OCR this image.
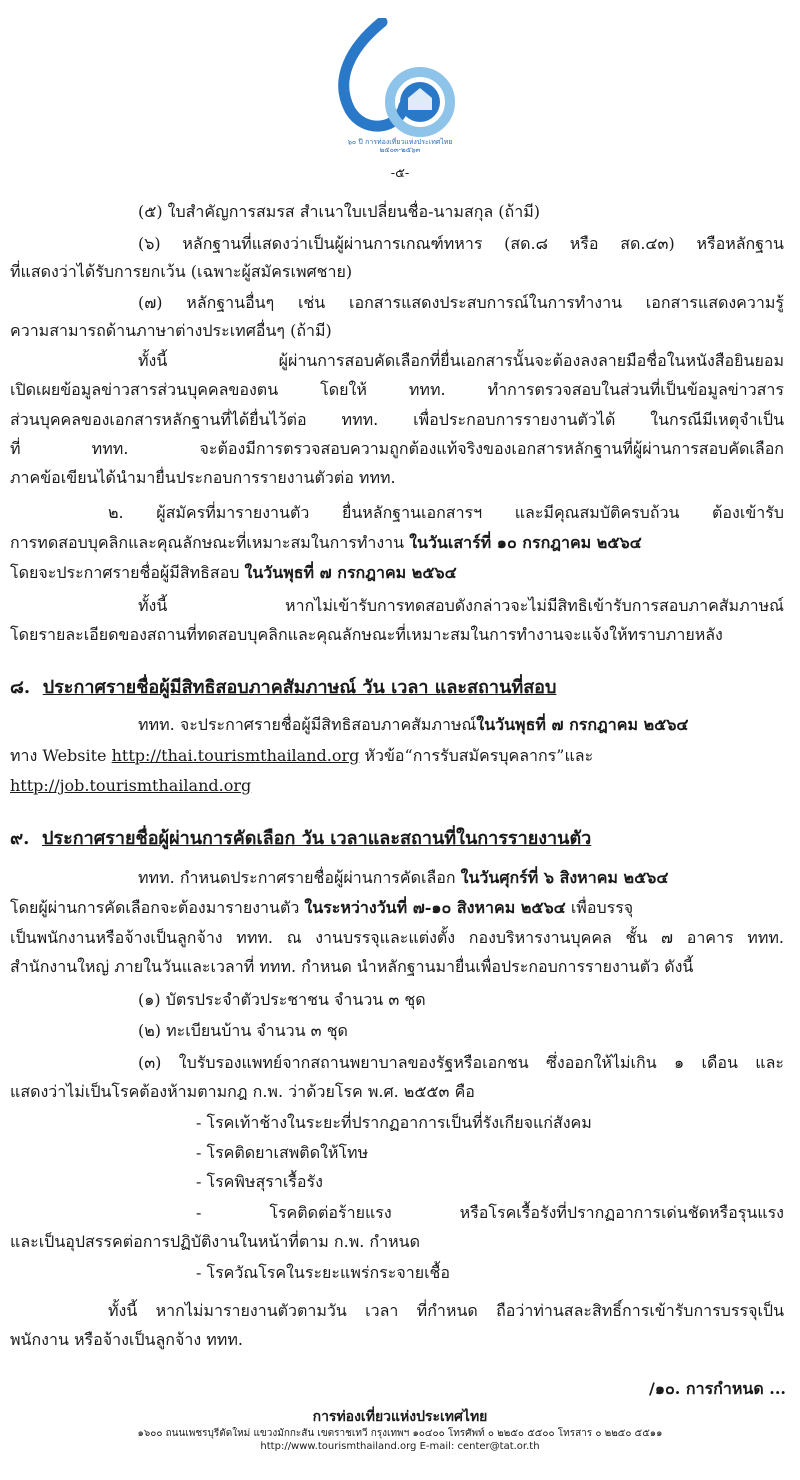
๖๐ ปี การท่องเที่ยวแห่งประเทศไทย
๒๕๐๓-๒๕๖๓
-๕-
(๕) ใบสำคัญการสมรส สำเนาใบเปลี่ยนชื่อ-นามสกุล (ถ้ามี)
(๖) หลักฐานที่แสดงว่าเป็นผู้ผ่านการเกณฑ์ทหาร (สด.๘ หรือ สด.๔๓) หรือหลักฐาน
ที่แสดงว่าได้รับการยกเว้น (เฉพาะผู้สมัครเพศชาย)
(๗) หลักฐานอื่นๆ เช่น เอกสารแสดงประสบการณ์ในการทำงาน เอกสารแสดงความรู้
ความสามารถด้านภาษาต่างประเทศอื่นๆ (ถ้ามี)
ทั้งนี้ ผู้ผ่านการสอบคัดเลือกที่ยื่นเอกสารนั้นจะต้องลงลายมือชื่อในหนังสือยินยอม
เปิดเผยข้อมูลข่าวสารส่วนบุคคลของตน โดยให้ ททท. ทำการตรวจสอบในส่วนที่เป็นข้อมูลข่าวสาร
ส่วนบุคคลของเอกสารหลักฐานที่ได้ยื่นไว้ต่อ ททท. เพื่อประกอบการรายงานตัวได้ ในกรณีมีเหตุจำเป็น
ที่ ททท. จะต้องมีการตรวจสอบความถูกต้องแท้จริงของเอกสารหลักฐานที่ผู้ผ่านการสอบคัดเลือก
ภาคข้อเขียนได้นำมายื่นประกอบการรายงานตัวต่อ ททท.
๒. ผู้สมัครที่มารายงานตัว ยื่นหลักฐานเอกสารฯ และมีคุณสมบัติครบถ้วน ต้องเข้ารับ
การทดสอบบุคลิกและคุณลักษณะที่เหมาะสมในการทำงาน ในวันเสาร์ที่ ๑๐ กรกฎาคม ๒๕๖๔
โดยจะประกาศรายชื่อผู้มีสิทธิสอบ ในวันพุธที่ ๗ กรกฎาคม ๒๕๖๔
ทั้งนี้ หากไม่เข้ารับการทดสอบดังกล่าวจะไม่มีสิทธิเข้ารับการสอบภาคสัมภาษณ์
โดยรายละเอียดของสถานที่ทดสอบบุคลิกและคุณลักษณะที่เหมาะสมในการทำงานจะแจ้งให้ทราบภายหลัง
๘. ประกาศรายชื่อผู้มีสิทธิสอบภาคสัมภาษณ์ วัน เวลา และสถานที่สอบ
ททท. จะประกาศรายชื่อผู้มีสิทธิสอบภาคสัมภาษณ์ในวันพุธที่ ๗ กรกฎาคม ๒๕๖๔
ทาง Website http://thai.tourismthailand.org หัวข้อ“การรับสมัครบุคลากร”และ
http://job.tourismthailand.org
๙. ประกาศรายชื่อผู้ผ่านการคัดเลือก วัน เวลาและสถานที่ในการรายงานตัว
ททท. กำหนดประกาศรายชื่อผู้ผ่านการคัดเลือก ในวันศุกร์ที่ ๖ สิงหาคม ๒๕๖๔
โดยผู้ผ่านการคัดเลือกจะต้องมารายงานตัว ในระหว่างวันที่ ๗-๑๐ สิงหาคม ๒๕๖๔ เพื่อบรรจุ
เป็นพนักงานหรือจ้างเป็นลูกจ้าง ททท. ณ งานบรรจุและแต่งตั้ง กองบริหารงานบุคคล ชั้น ๗ อาคาร ททท.
สำนักงานใหญ่ ภายในวันและเวลาที่ ททท. กำหนด นำหลักฐานมายื่นเพื่อประกอบการรายงานตัว ดังนี้
(๑) บัตรประจำตัวประชาชน จำนวน ๓ ชุด
(๒) ทะเบียนบ้าน จำนวน ๓ ชุด
(๓) ใบรับรองแพทย์จากสถานพยาบาลของรัฐหรือเอกชน ซึ่งออกให้ไม่เกิน ๑ เดือน และ
แสดงว่าไม่เป็นโรคต้องห้ามตามกฎ ก.พ. ว่าด้วยโรค พ.ศ. ๒๕๕๓ คือ
- โรคเท้าช้างในระยะที่ปรากฏอาการเป็นที่รังเกียจแก่สังคม
- โรคติดยาเสพติดให้โทษ
- โรคพิษสุราเรื้อรัง
- โรคติดต่อร้ายแรง หรือโรคเรื้อรังที่ปรากฏอาการเด่นชัดหรือรุนแรง
และเป็นอุปสรรคต่อการปฏิบัติงานในหน้าที่ตาม ก.พ. กำหนด
- โรควัณโรคในระยะแพร่กระจายเชื้อ
ทั้งนี้ หากไม่มารายงานตัวตามวัน เวลา ที่กำหนด ถือว่าท่านสละสิทธิ์การเข้ารับการบรรจุเป็น
พนักงาน หรือจ้างเป็นลูกจ้าง ททท.
/๑๐. การกำหนด ...
การท่องเที่ยวแห่งประเทศไทย
๑๖๐๐ ถนนเพชรบุรีตัดใหม่ แขวงมักกะสัน เขตราชเทวี กรุงเทพฯ ๑๐๔๐๐ โทรศัพท์ ๐ ๒๒๕๐ ๕๕๐๐ โทรสาร ๐ ๒๒๕๐ ๕๕๑๑
http://www.tourismthailand.org E-mail: center@tat.or.th
